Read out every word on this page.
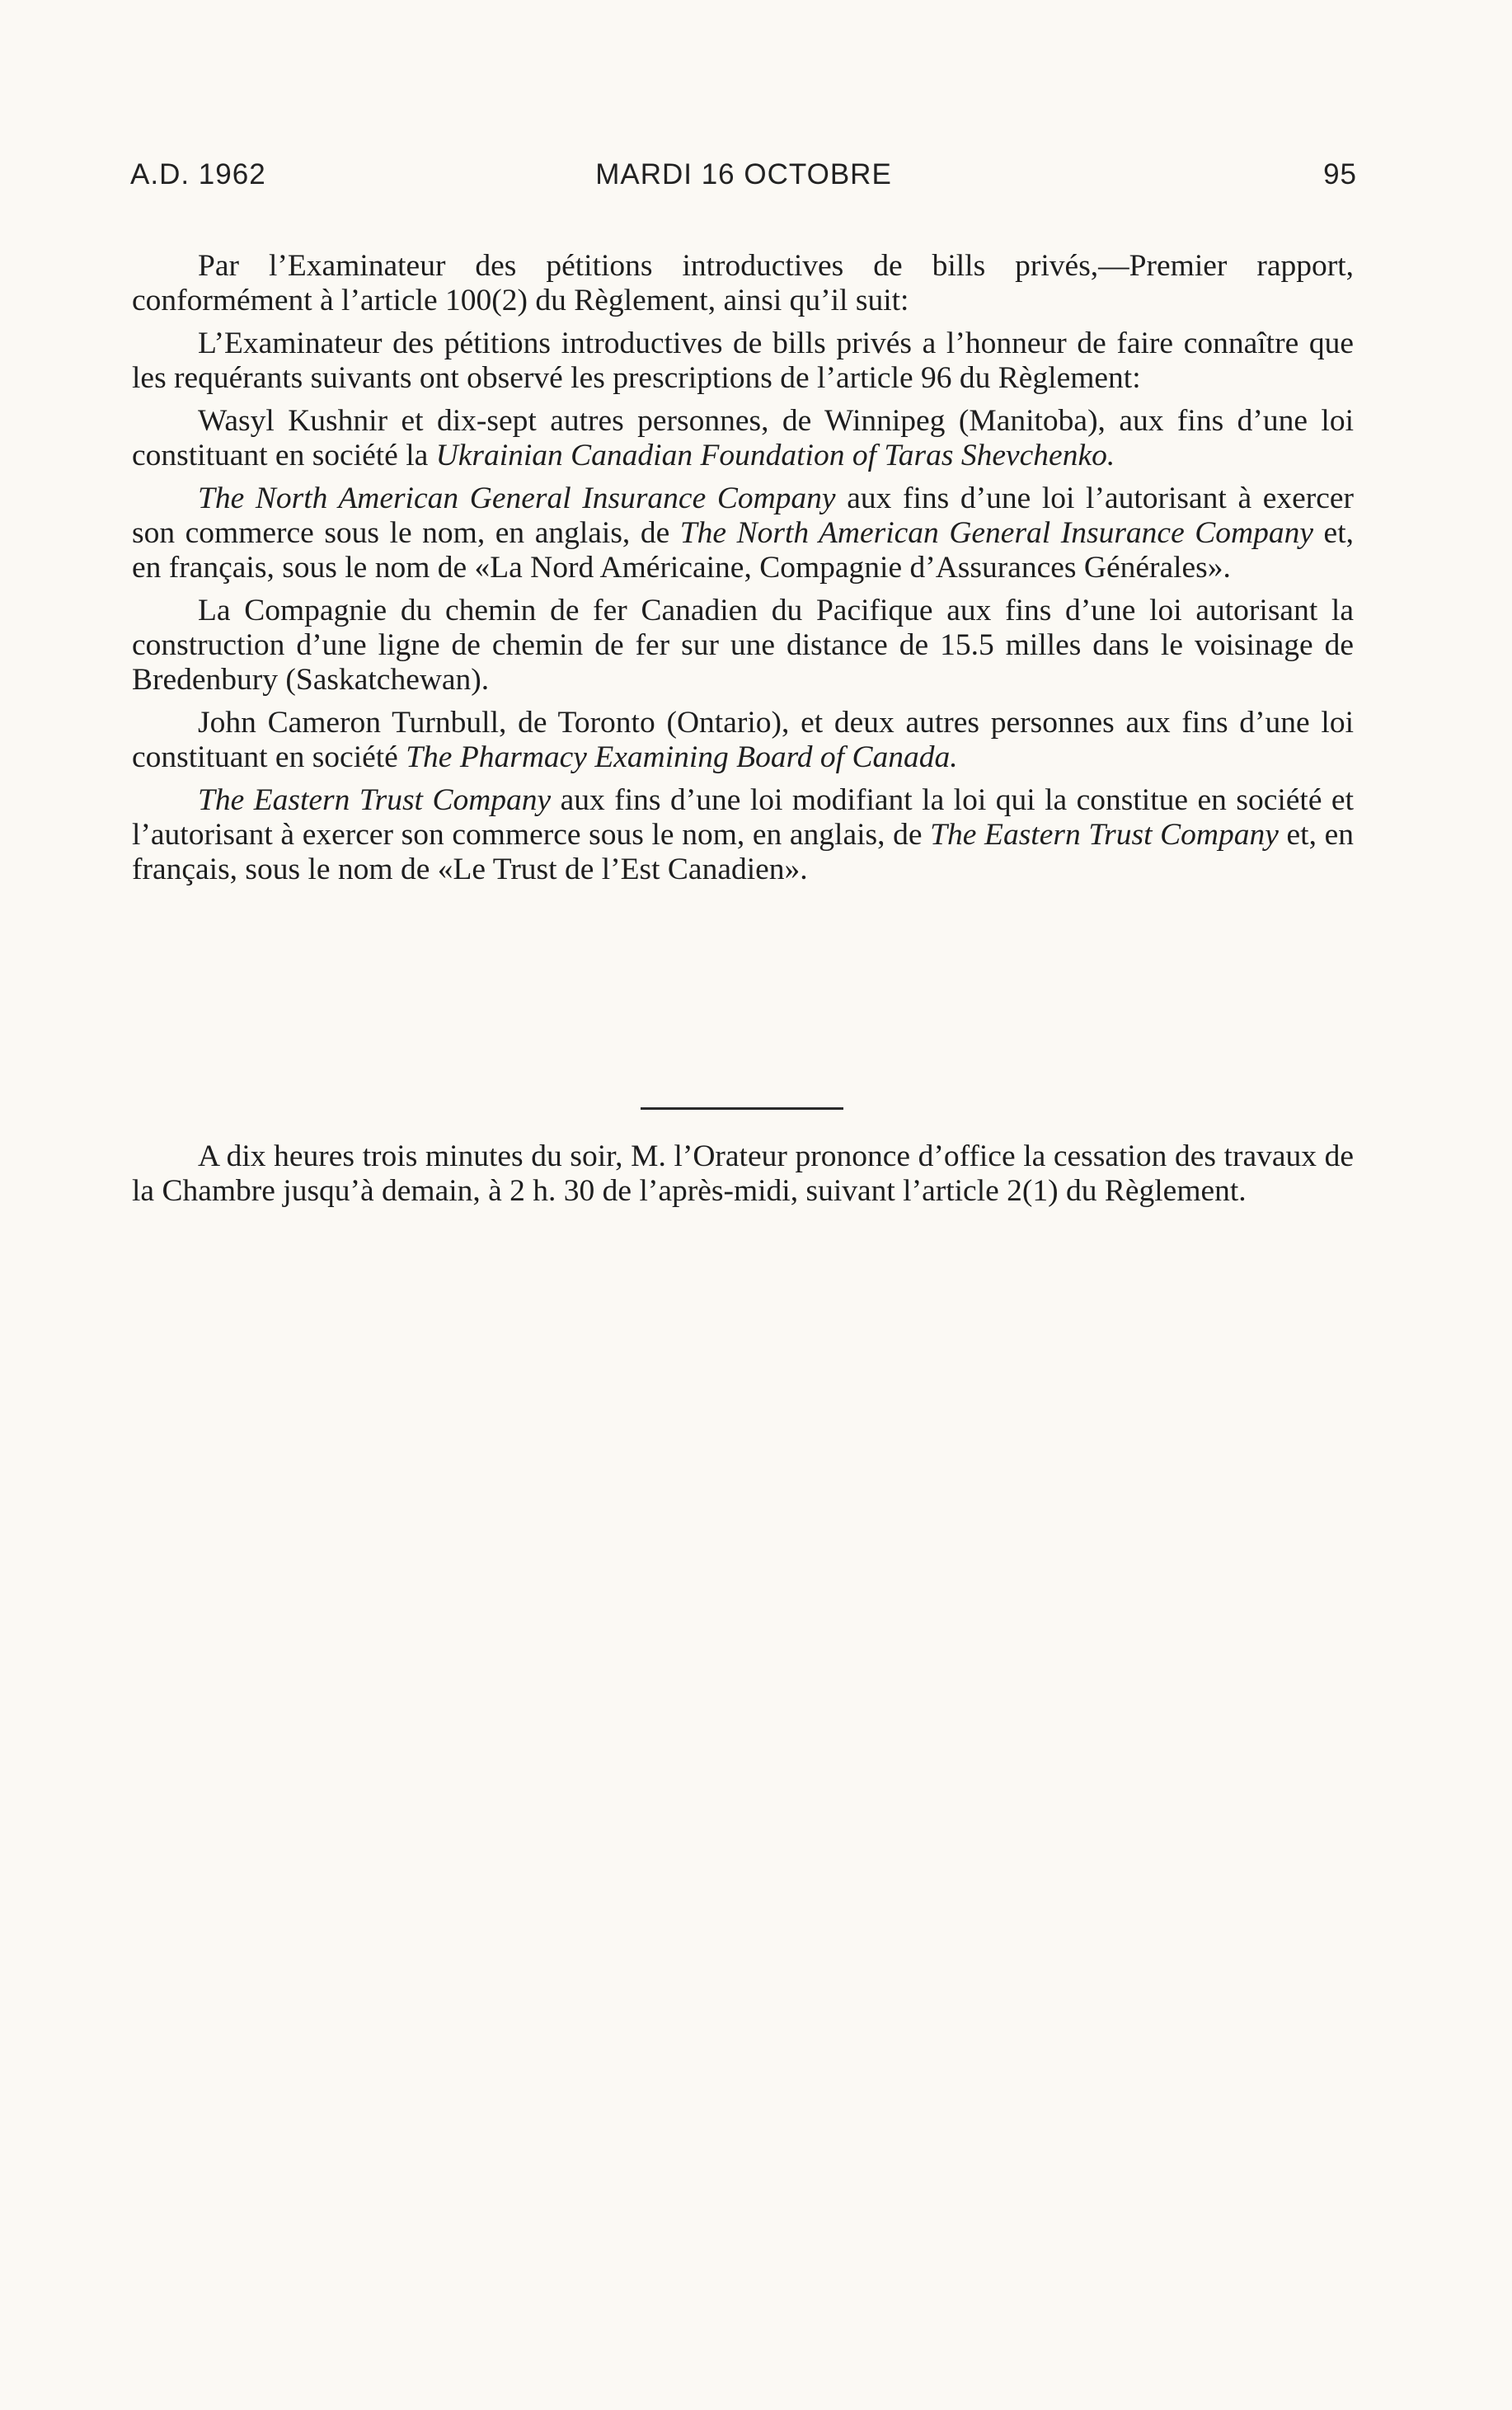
A.D. 1962	MARDI 16 OCTOBRE	95

Par l’Examinateur des pétitions introductives de bills privés,—Premier rapport, conformément à l’article 100(2) du Règlement, ainsi qu’il suit:

L’Examinateur des pétitions introductives de bills privés a l’honneur de faire connaître que les requérants suivants ont observé les prescriptions de l’article 96 du Règlement:

Wasyl Kushnir et dix-sept autres personnes, de Winnipeg (Manitoba), aux fins d’une loi constituant en société la Ukrainian Canadian Foundation of Taras Shevchenko.

The North American General Insurance Company aux fins d’une loi l’autorisant à exercer son commerce sous le nom, en anglais, de The North American General Insurance Company et, en français, sous le nom de «La Nord Américaine, Compagnie d’Assurances Générales».

La Compagnie du chemin de fer Canadien du Pacifique aux fins d’une loi autorisant la construction d’une ligne de chemin de fer sur une distance de 15.5 milles dans le voisinage de Bredenbury (Saskatchewan).

John Cameron Turnbull, de Toronto (Ontario), et deux autres personnes aux fins d’une loi constituant en société The Pharmacy Examining Board of Canada.

The Eastern Trust Company aux fins d’une loi modifiant la loi qui la constitue en société et l’autorisant à exercer son commerce sous le nom, en anglais, de The Eastern Trust Company et, en français, sous le nom de «Le Trust de l’Est Canadien».

A dix heures trois minutes du soir, M. l’Orateur prononce d’office la cessation des travaux de la Chambre jusqu’à demain, à 2 h. 30 de l’après-midi, suivant l’article 2(1) du Règlement.
